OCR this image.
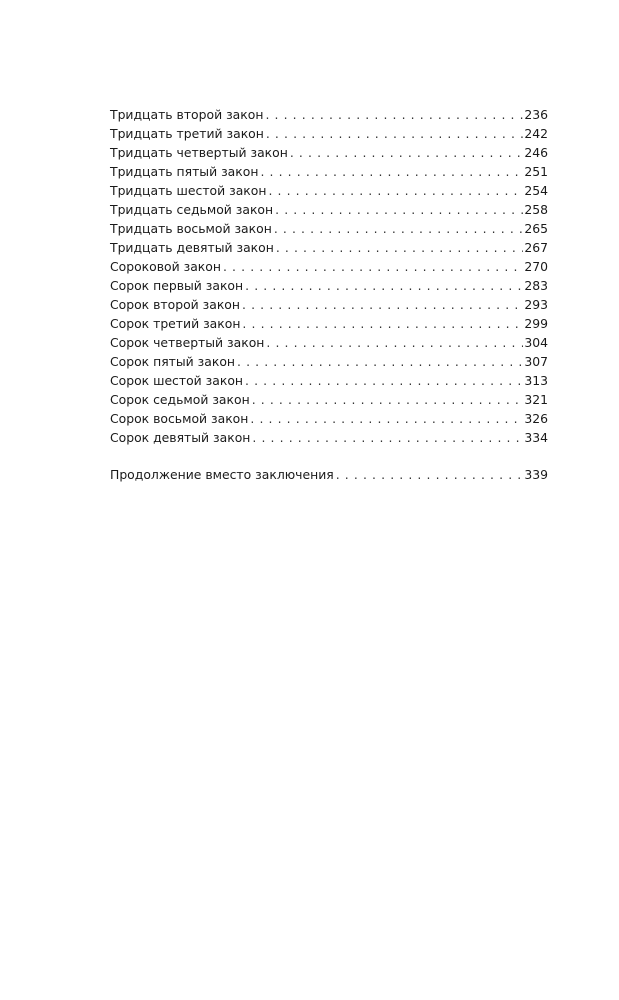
Тридцать второй закон . . .	236
Тридцать третий закон . . .	242
Тридцать четвертый закон . . .	246
Тридцать пятый закон . . .	251
Тридцать шестой закон . . .	254
Тридцать седьмой закон . . .	258
Тридцать восьмой закон . . .	265
Тридцать девятый закон . . .	267
Сороковой закон . . .	270
Сорок первый закон . . .	283
Сорок второй закон . . .	293
Сорок третий закон . . .	299
Сорок четвертый закон . . .	304
Сорок пятый закон . . .	307
Сорок шестой закон . . .	313
Сорок седьмой закон . . .	321
Сорок восьмой закон . . .	326
Сорок девятый закон . . .	334
Продолжение вместо заключения . . .	339
